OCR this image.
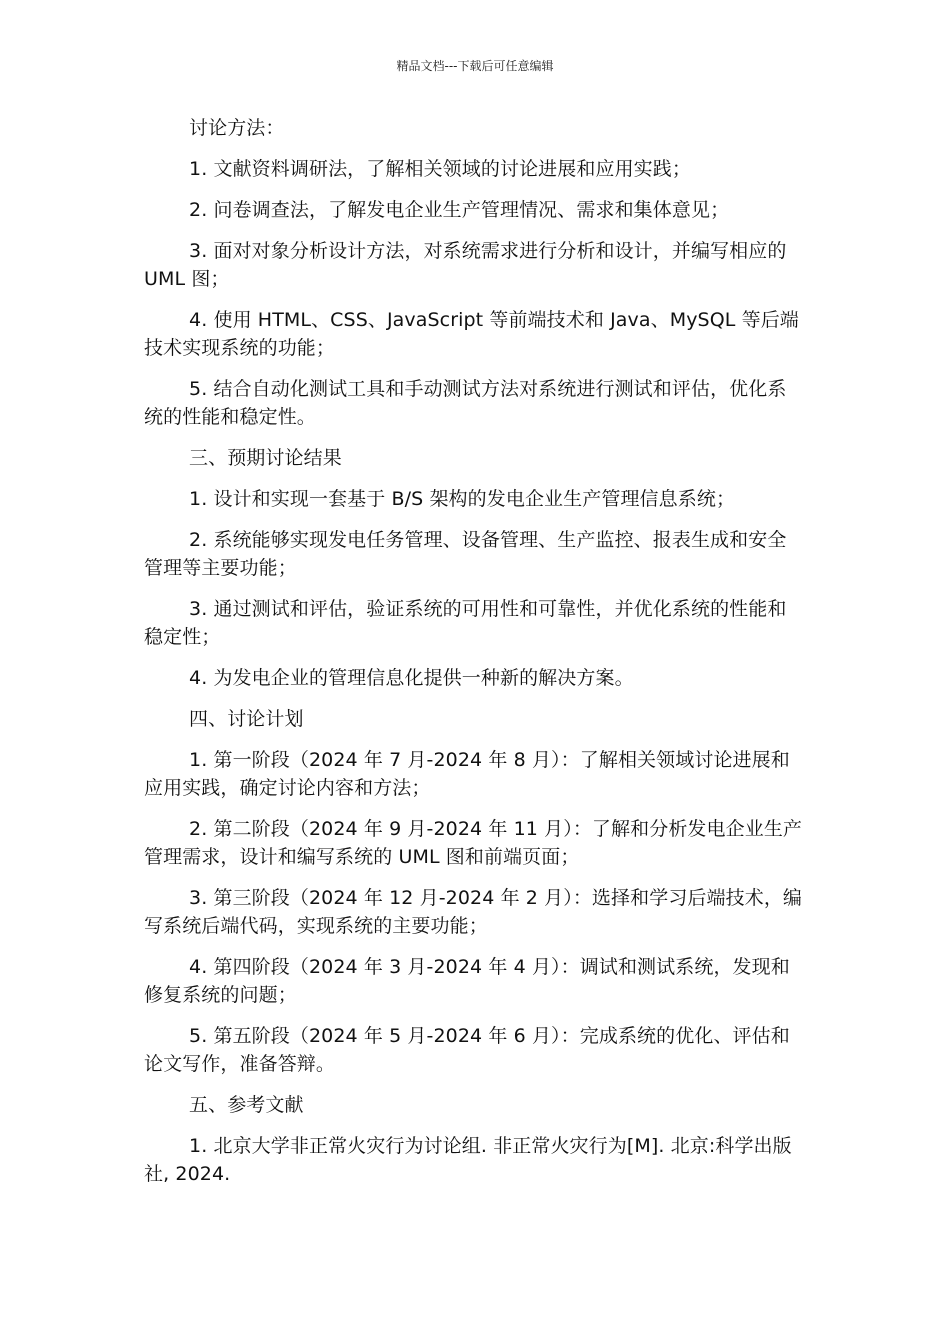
精品文档---下载后可任意编辑

讨论方法：

1. 文献资料调研法，了解相关领域的讨论进展和应用实践；

2. 问卷调查法，了解发电企业生产管理情况、需求和集体意见；

3. 面对对象分析设计方法，对系统需求进行分析和设计，并编写相应的 UML 图；

4. 使用 HTML、CSS、JavaScript 等前端技术和 Java、MySQL 等后端技术实现系统的功能；

5. 结合自动化测试工具和手动测试方法对系统进行测试和评估，优化系统的性能和稳定性。

三、预期讨论结果

1. 设计和实现一套基于 B/S 架构的发电企业生产管理信息系统；

2. 系统能够实现发电任务管理、设备管理、生产监控、报表生成和安全管理等主要功能；

3. 通过测试和评估，验证系统的可用性和可靠性，并优化系统的性能和稳定性；

4. 为发电企业的管理信息化提供一种新的解决方案。

四、讨论计划

1. 第一阶段（2024 年 7 月-2024 年 8 月）：了解相关领域讨论进展和应用实践，确定讨论内容和方法；

2. 第二阶段（2024 年 9 月-2024 年 11 月）：了解和分析发电企业生产管理需求，设计和编写系统的 UML 图和前端页面；

3. 第三阶段（2024 年 12 月-2024 年 2 月）：选择和学习后端技术，编写系统后端代码，实现系统的主要功能；

4. 第四阶段（2024 年 3 月-2024 年 4 月）：调试和测试系统，发现和修复系统的问题；

5. 第五阶段（2024 年 5 月-2024 年 6 月）：完成系统的优化、评估和论文写作，准备答辩。

五、参考文献

1. 北京大学非正常火灾行为讨论组. 非正常火灾行为[M]. 北京:科学出版社, 2024.
